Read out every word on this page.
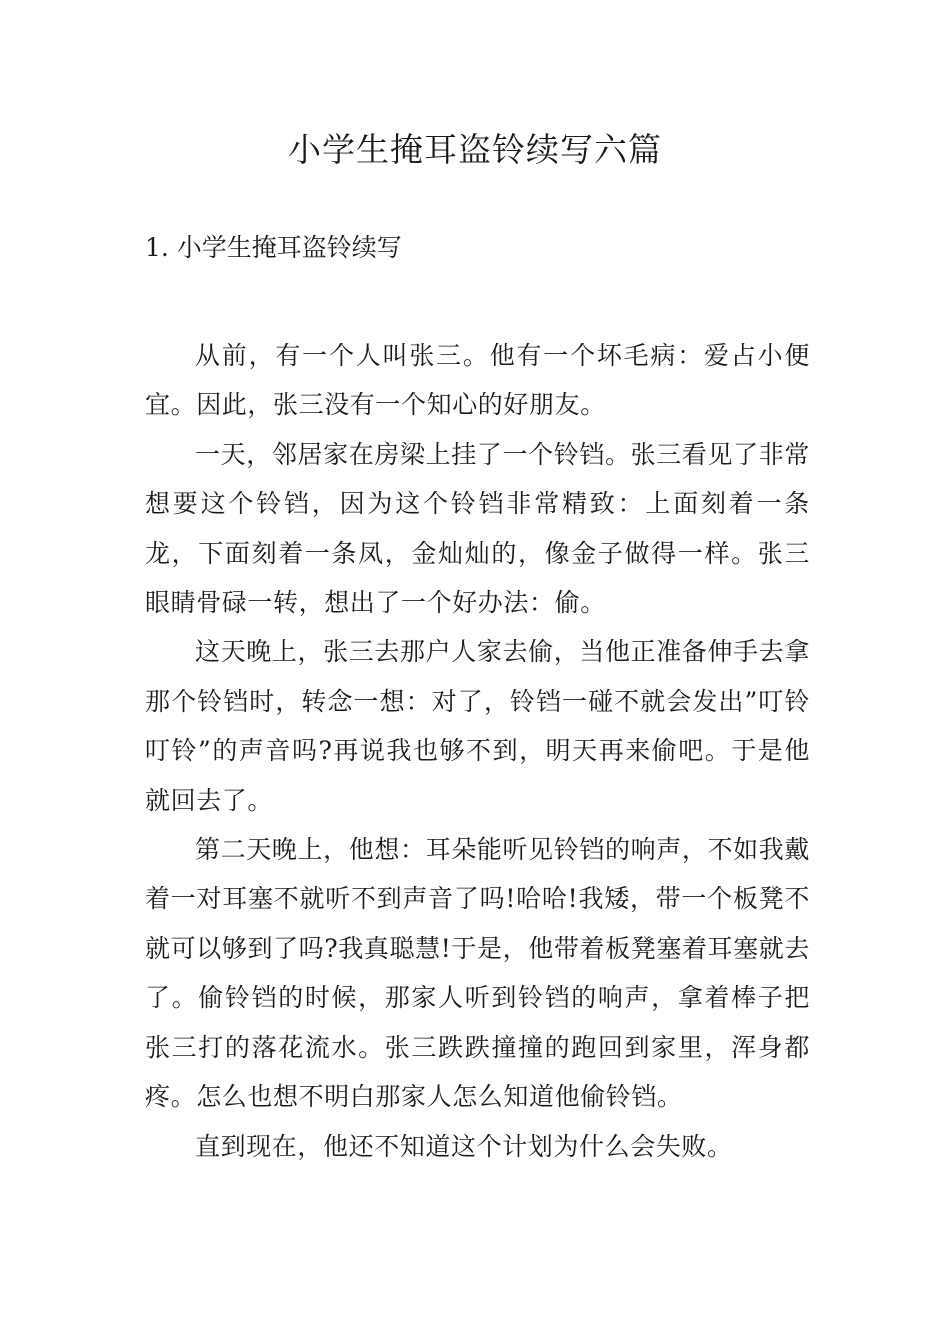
小学生掩耳盗铃续写六篇
1. 小学生掩耳盗铃续写

从前，有一个人叫张三。他有一个坏毛病：爱占小便宜。因此，张三没有一个知心的好朋友。

一天，邻居家在房梁上挂了一个铃铛。张三看见了非常想要这个铃铛，因为这个铃铛非常精致：上面刻着一条龙，下面刻着一条凤，金灿灿的，像金子做得一样。张三眼睛骨碌一转，想出了一个好办法：偷。

这天晚上，张三去那户人家去偷，当他正准备伸手去拿那个铃铛时，转念一想：对了，铃铛一碰不就会发出”叮铃叮铃”的声音吗?再说我也够不到，明天再来偷吧。于是他就回去了。

第二天晚上，他想：耳朵能听见铃铛的响声，不如我戴着一对耳塞不就听不到声音了吗!哈哈!我矮，带一个板凳不就可以够到了吗?我真聪慧!于是，他带着板凳塞着耳塞就去了。偷铃铛的时候，那家人听到铃铛的响声，拿着棒子把张三打的落花流水。张三跌跌撞撞的跑回到家里，浑身都疼。怎么也想不明白那家人怎么知道他偷铃铛。

直到现在，他还不知道这个计划为什么会失败。
